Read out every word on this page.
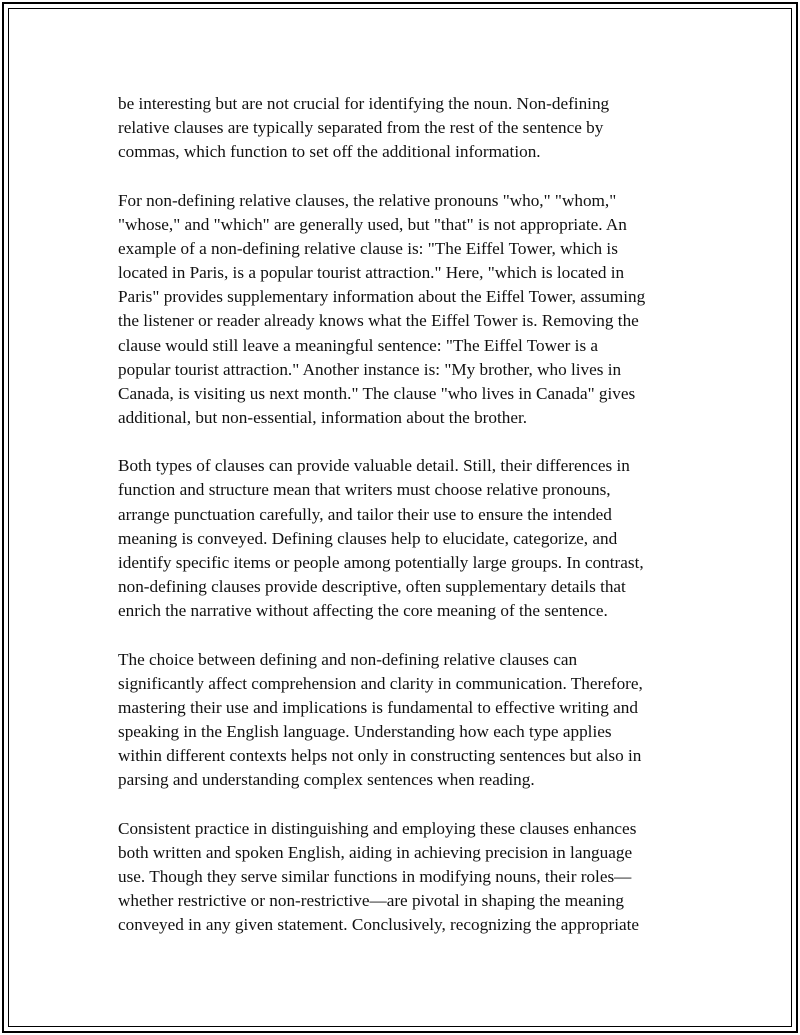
be interesting but are not crucial for identifying the noun. Non-defining
relative clauses are typically separated from the rest of the sentence by
commas, which function to set off the additional information.

For non-defining relative clauses, the relative pronouns "who," "whom,"
"whose," and "which" are generally used, but "that" is not appropriate. An
example of a non-defining relative clause is: "The Eiffel Tower, which is
located in Paris, is a popular tourist attraction." Here, "which is located in
Paris" provides supplementary information about the Eiffel Tower, assuming
the listener or reader already knows what the Eiffel Tower is. Removing the
clause would still leave a meaningful sentence: "The Eiffel Tower is a
popular tourist attraction." Another instance is: "My brother, who lives in
Canada, is visiting us next month." The clause "who lives in Canada" gives
additional, but non-essential, information about the brother.

Both types of clauses can provide valuable detail. Still, their differences in
function and structure mean that writers must choose relative pronouns,
arrange punctuation carefully, and tailor their use to ensure the intended
meaning is conveyed. Defining clauses help to elucidate, categorize, and
identify specific items or people among potentially large groups. In contrast,
non-defining clauses provide descriptive, often supplementary details that
enrich the narrative without affecting the core meaning of the sentence.

The choice between defining and non-defining relative clauses can
significantly affect comprehension and clarity in communication. Therefore,
mastering their use and implications is fundamental to effective writing and
speaking in the English language. Understanding how each type applies
within different contexts helps not only in constructing sentences but also in
parsing and understanding complex sentences when reading.

Consistent practice in distinguishing and employing these clauses enhances
both written and spoken English, aiding in achieving precision in language
use. Though they serve similar functions in modifying nouns, their roles—
whether restrictive or non-restrictive—are pivotal in shaping the meaning
conveyed in any given statement. Conclusively, recognizing the appropriate
